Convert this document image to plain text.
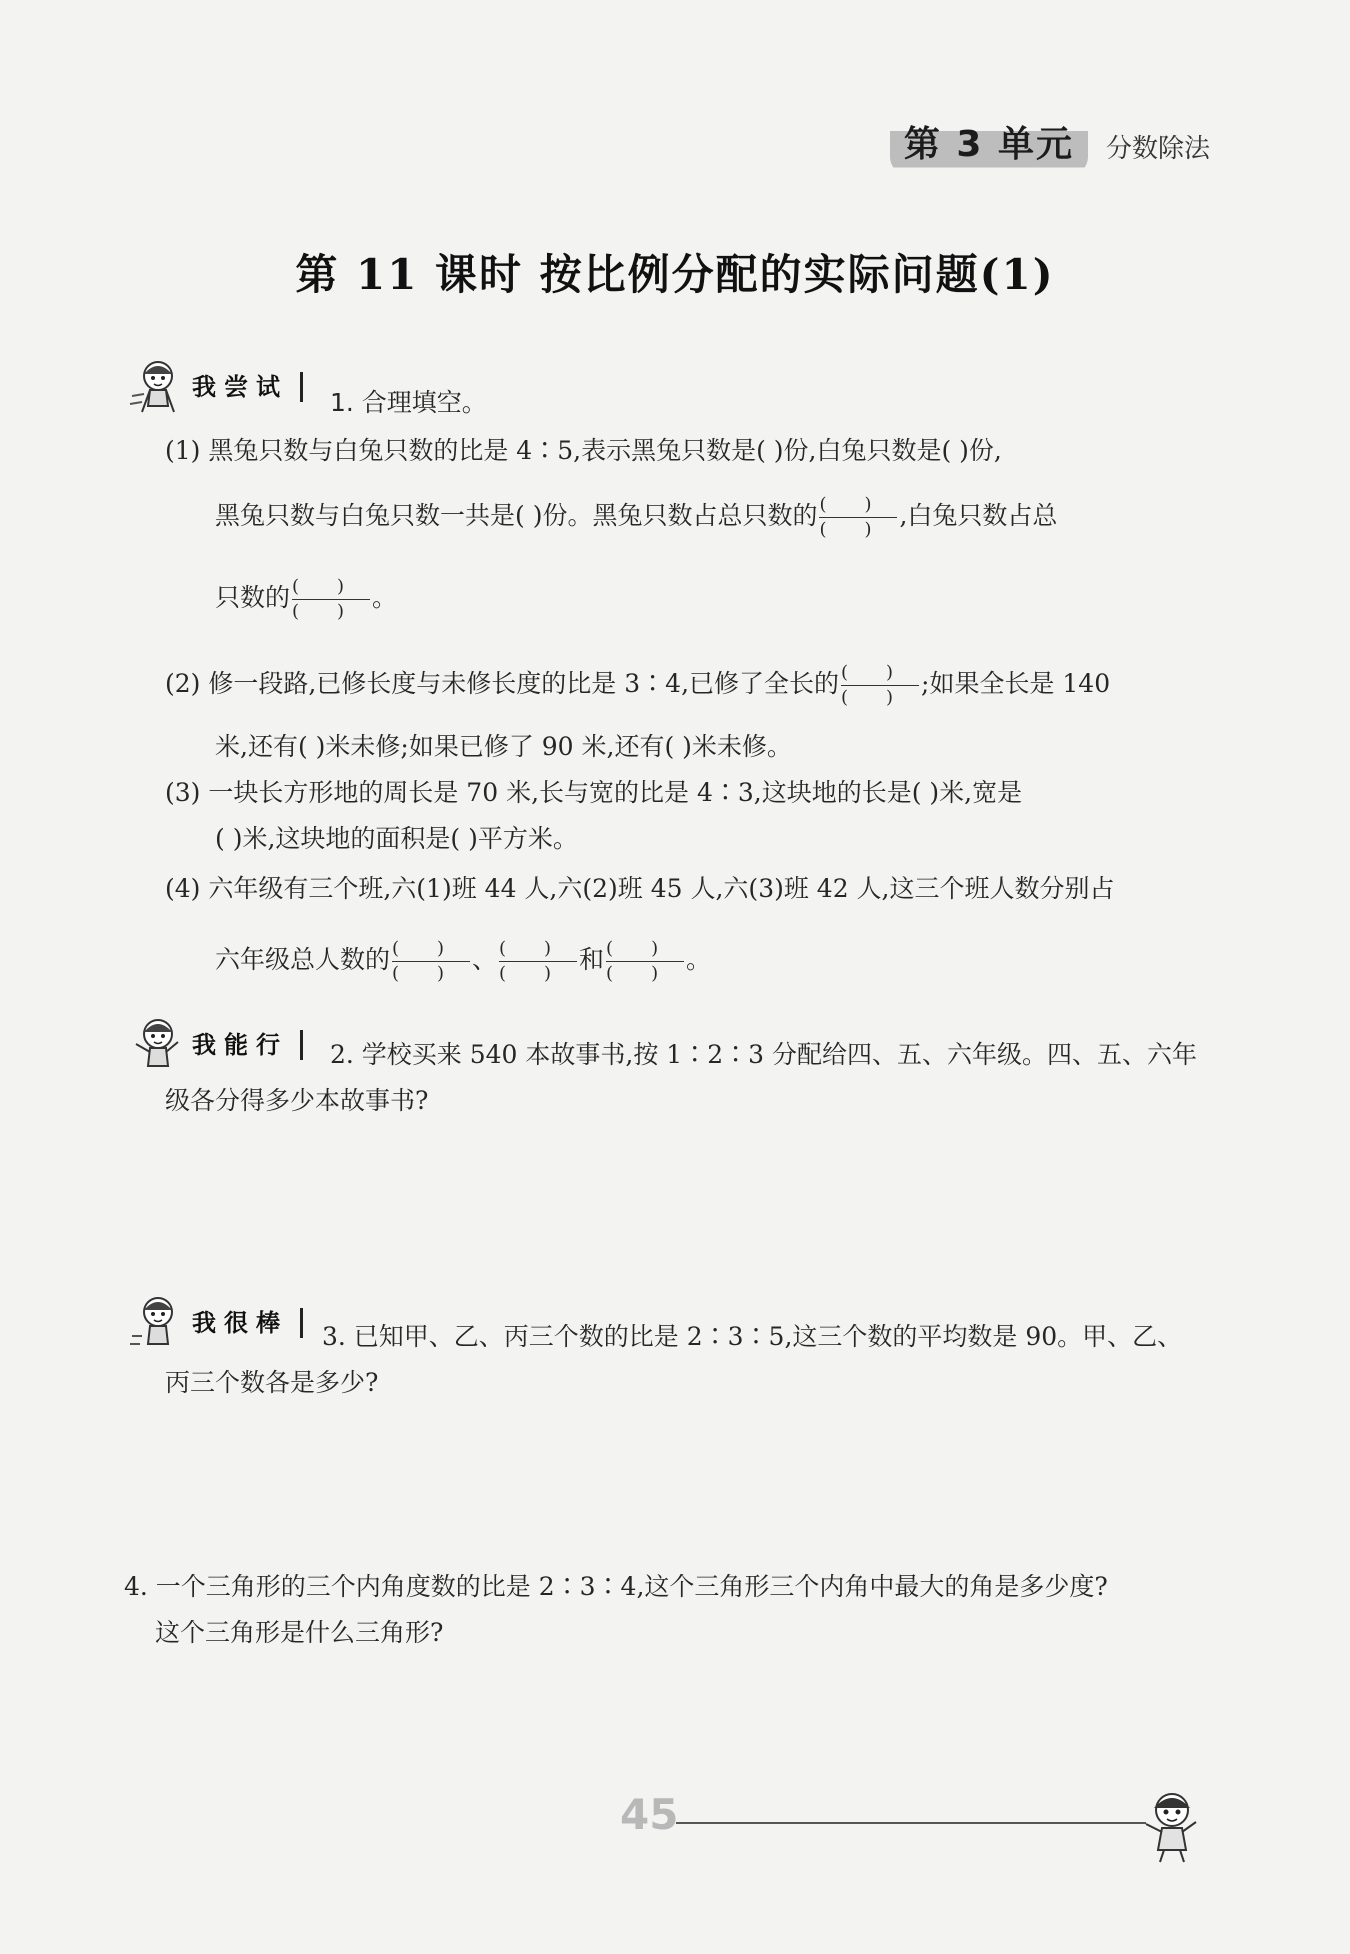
第 3 单元	分数除法
第 11 课时 按比例分配的实际问题(1)
我尝试
1. 合理填空。
(1) 黑兔只数与白兔只数的比是 4∶5,表示黑兔只数是( )份,白兔只数是( )份,
黑兔只数与白兔只数一共是( )份。黑兔只数占总只数的 $\frac{()}{()}$ ,白兔只数占总
只数的 $\frac{()}{()}$ 。
(2) 修一段路,已修长度与未修长度的比是 3∶4,已修了全长的 $\frac{()}{()}$ ;如果全长是 140
米,还有( )米未修;如果已修了 90 米,还有( )米未修。
(3) 一块长方形地的周长是 70 米,长与宽的比是 4∶3,这块地的长是( )米,宽是
( )米,这块地的面积是( )平方米。
(4) 六年级有三个班,六(1)班 44 人,六(2)班 45 人,六(3)班 42 人,这三个班人数分别占
六年级总人数的 $\frac{()}{()}$ 、 $\frac{()}{()}$ 和 $\frac{()}{()}$ 。
我能行	2. 学校买来 540 本故事书,按 1∶2∶3 分配给四、五、六年级。四、五、六年
级各分得多少本故事书?
我很棒	3. 已知甲、乙、丙三个数的比是 2∶3∶5,这三个数的平均数是 90。甲、乙、
丙三个数各是多少?
4. 一个三角形的三个内角度数的比是 2∶3∶4,这个三角形三个内角中最大的角是多少度?
这个三角形是什么三角形?
45
